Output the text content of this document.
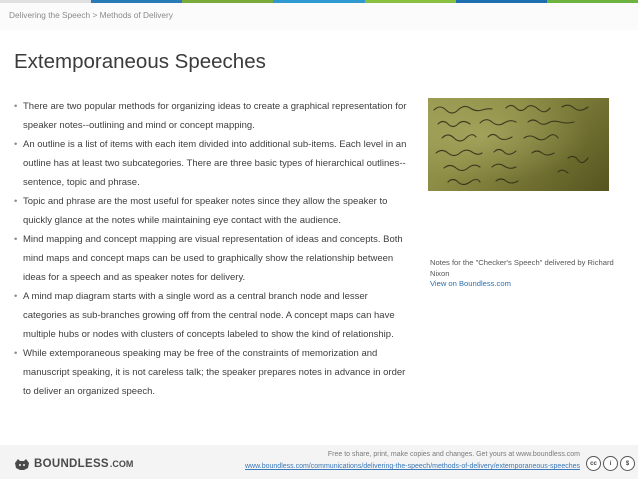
Delivering the Speech > Methods of Delivery
Extemporaneous Speeches
• There are two popular methods for organizing ideas to create a graphical representation for speaker notes--outlining and mind or concept mapping.
• An outline is a list of items with each item divided into additional sub-items. Each level in an outline has at least two subcategories. There are three basic types of hierarchical outlines--sentence, topic and phrase.
• Topic and phrase are the most useful for speaker notes since they allow the speaker to quickly glance at the notes while maintaining eye contact with the audience.
• Mind mapping and concept mapping are visual representation of ideas and concepts. Both mind maps and concept maps can be used to graphically show the relationship between ideas for a speech and as speaker notes for delivery.
• A mind map diagram starts with a single word as a central branch node and lesser categories as sub-branches growing off from the central node. A concept maps can have multiple hubs or nodes with clusters of concepts labeled to show the kind of relationship.
• While extemporaneous speaking may be free of the constraints of memorization and manuscript speaking, it is not careless talk; the speaker prepares notes in advance in order to deliver an organized speech.
Notes for the "Checker's Speech" delivered by Richard Nixon
View on Boundless.com
BOUNDLESS .COM
Free to share, print, make copies and changes. Get yours at www.boundless.com
www.boundless.com/communications/delivering-the-speech/methods-of-delivery/extemporaneous-speeches	cc	i	$
